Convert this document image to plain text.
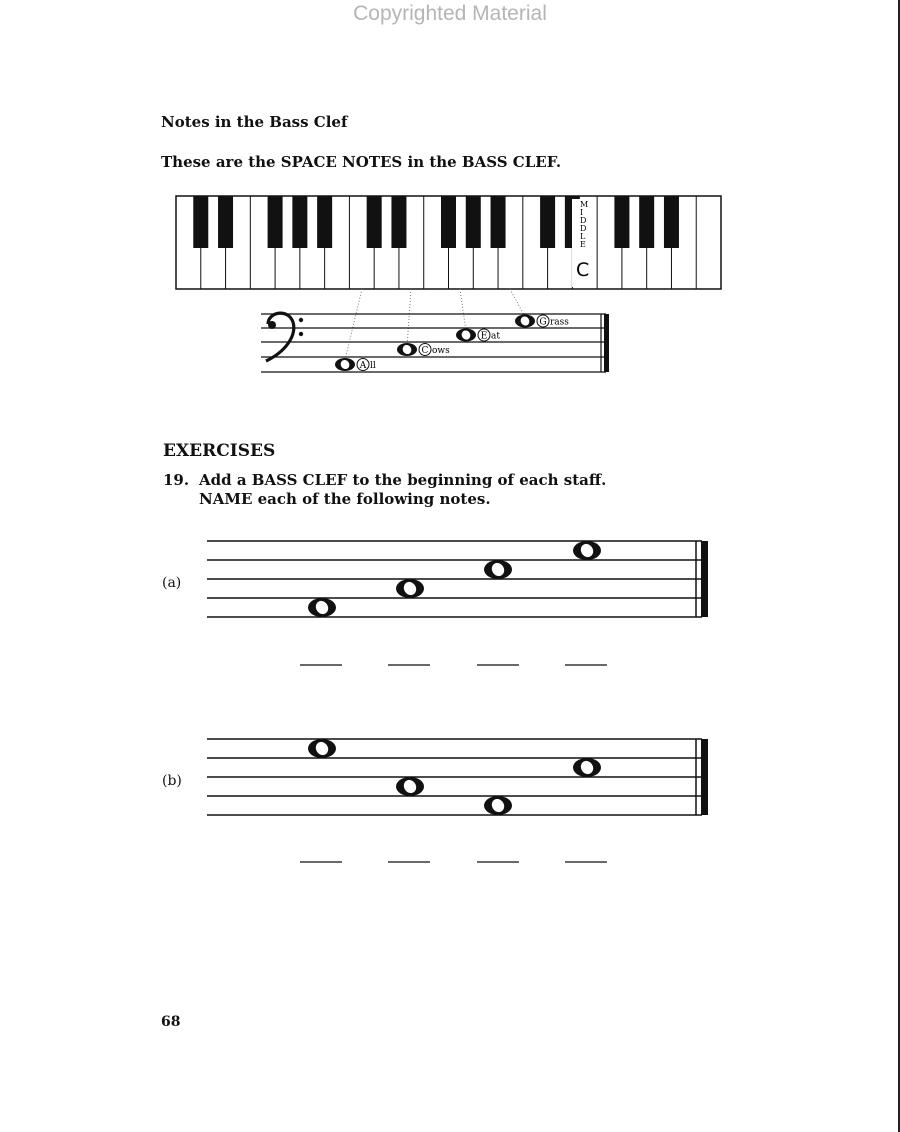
Copyrighted Material
Notes in the Bass Clef
These are the SPACE NOTES in the BASS CLEF.
M
I
D
D
L
E
C
A ll
C ows
E at
G rass
EXERCISES
19. Add a BASS CLEF to the beginning of each staff.
NAME each of the following notes.
(a)
(b)
68
